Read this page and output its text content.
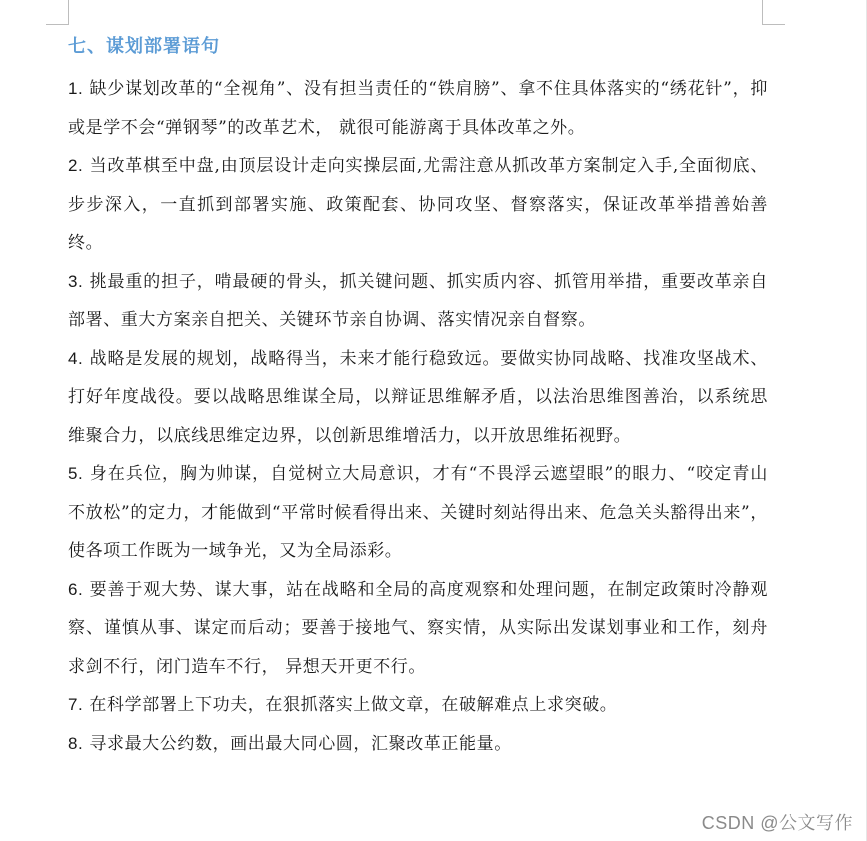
七、谋划部署语句

1. 缺少谋划改革的“全视角”、没有担当责任的“铁肩膀”、拿不住具体落实的“绣花针”，抑或是学不会“弹钢琴”的改革艺术， 就很可能游离于具体改革之外。

2. 当改革棋至中盘,由顶层设计走向实操层面,尤需注意从抓改革方案制定入手,全面彻底、步步深入，一直抓到部署实施、政策配套、协同攻坚、督察落实，保证改革举措善始善终。

3. 挑最重的担子，啃最硬的骨头，抓关键问题、抓实质内容、抓管用举措，重要改革亲自部署、重大方案亲自把关、关键环节亲自协调、落实情况亲自督察。

4. 战略是发展的规划，战略得当，未来才能行稳致远。要做实协同战略、找准攻坚战术、打好年度战役。要以战略思维谋全局，以辩证思维解矛盾，以法治思维图善治，以系统思维聚合力，以底线思维定边界，以创新思维增活力，以开放思维拓视野。

5. 身在兵位，胸为帅谋，自觉树立大局意识，才有“不畏浮云遮望眼”的眼力、“咬定青山不放松”的定力，才能做到“平常时候看得出来、关键时刻站得出来、危急关头豁得出来”，使各项工作既为一域争光，又为全局添彩。

6. 要善于观大势、谋大事，站在战略和全局的高度观察和处理问题，在制定政策时冷静观察、谨慎从事、谋定而后动；要善于接地气、察实情，从实际出发谋划事业和工作，刻舟求剑不行，闭门造车不行， 异想天开更不行。

7. 在科学部署上下功夫，在狠抓落实上做文章，在破解难点上求突破。

8. 寻求最大公约数，画出最大同心圆，汇聚改革正能量。

CSDN @公文写作
